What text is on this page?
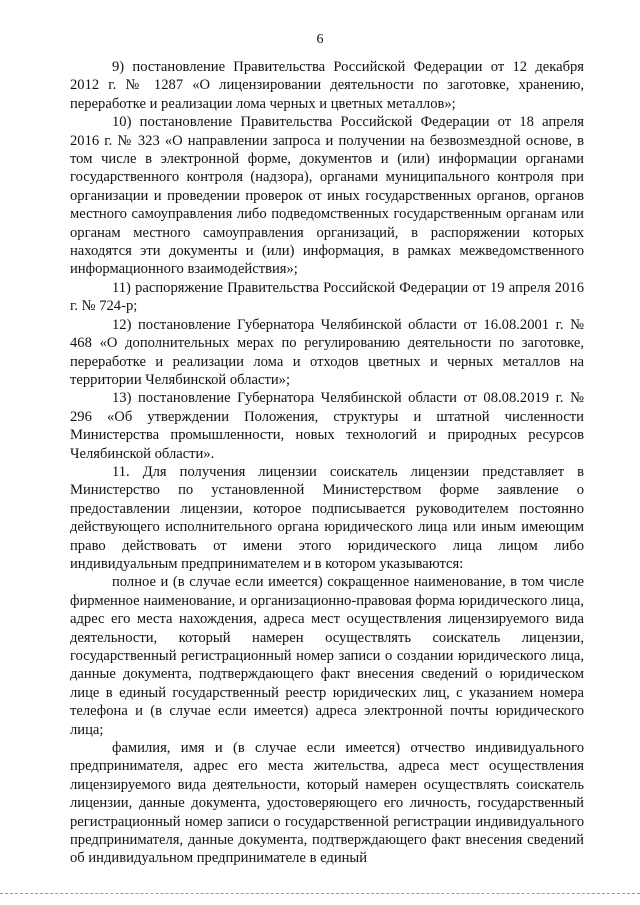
6

9) постановление Правительства Российской Федерации от 12 декабря 2012 г. № 1287 «О лицензировании деятельности по заготовке, хранению, переработке и реализации лома черных и цветных металлов»;

10) постановление Правительства Российской Федерации от 18 апреля 2016 г. № 323 «О направлении запроса и получении на безвозмездной основе, в том числе в электронной форме, документов и (или) информации органами государственного контроля (надзора), органами муниципального контроля при организации и проведении проверок от иных государственных органов, органов местного самоуправления либо подведомственных государственным органам или органам местного самоуправления организаций, в распоряжении которых находятся эти документы и (или) информация, в рамках межведомственного информационного взаимодействия»;

11) распоряжение Правительства Российской Федерации от 19 апреля 2016 г. № 724-р;

12) постановление Губернатора Челябинской области от 16.08.2001 г. № 468 «О дополнительных мерах по регулированию деятельности по заготовке, переработке и реализации лома и отходов цветных и черных металлов на территории Челябинской области»;

13) постановление Губернатора Челябинской области от 08.08.2019 г. № 296 «Об утверждении Положения, структуры и штатной численности Министерства промышленности, новых технологий и природных ресурсов Челябинской области».

11. Для получения лицензии соискатель лицензии представляет в Министерство по установленной Министерством форме заявление о предоставлении лицензии, которое подписывается руководителем постоянно действующего исполнительного органа юридического лица или иным имеющим право действовать от имени этого юридического лица лицом либо индивидуальным предпринимателем и в котором указываются:

полное и (в случае если имеется) сокращенное наименование, в том числе фирменное наименование, и организационно-правовая форма юридического лица, адрес его места нахождения, адреса мест осуществления лицензируемого вида деятельности, который намерен осуществлять соискатель лицензии, государственный регистрационный номер записи о создании юридического лица, данные документа, подтверждающего факт внесения сведений о юридическом лице в единый государственный реестр юридических лиц, с указанием номера телефона и (в случае если имеется) адреса электронной почты юридического лица;

фамилия, имя и (в случае если имеется) отчество индивидуального предпринимателя, адрес его места жительства, адреса мест осуществления лицензируемого вида деятельности, который намерен осуществлять соискатель лицензии, данные документа, удостоверяющего его личность, государственный регистрационный номер записи о государственной регистрации индивидуального предпринимателя, данные документа, подтверждающего факт внесения сведений об индивидуальном предпринимателе в единый
